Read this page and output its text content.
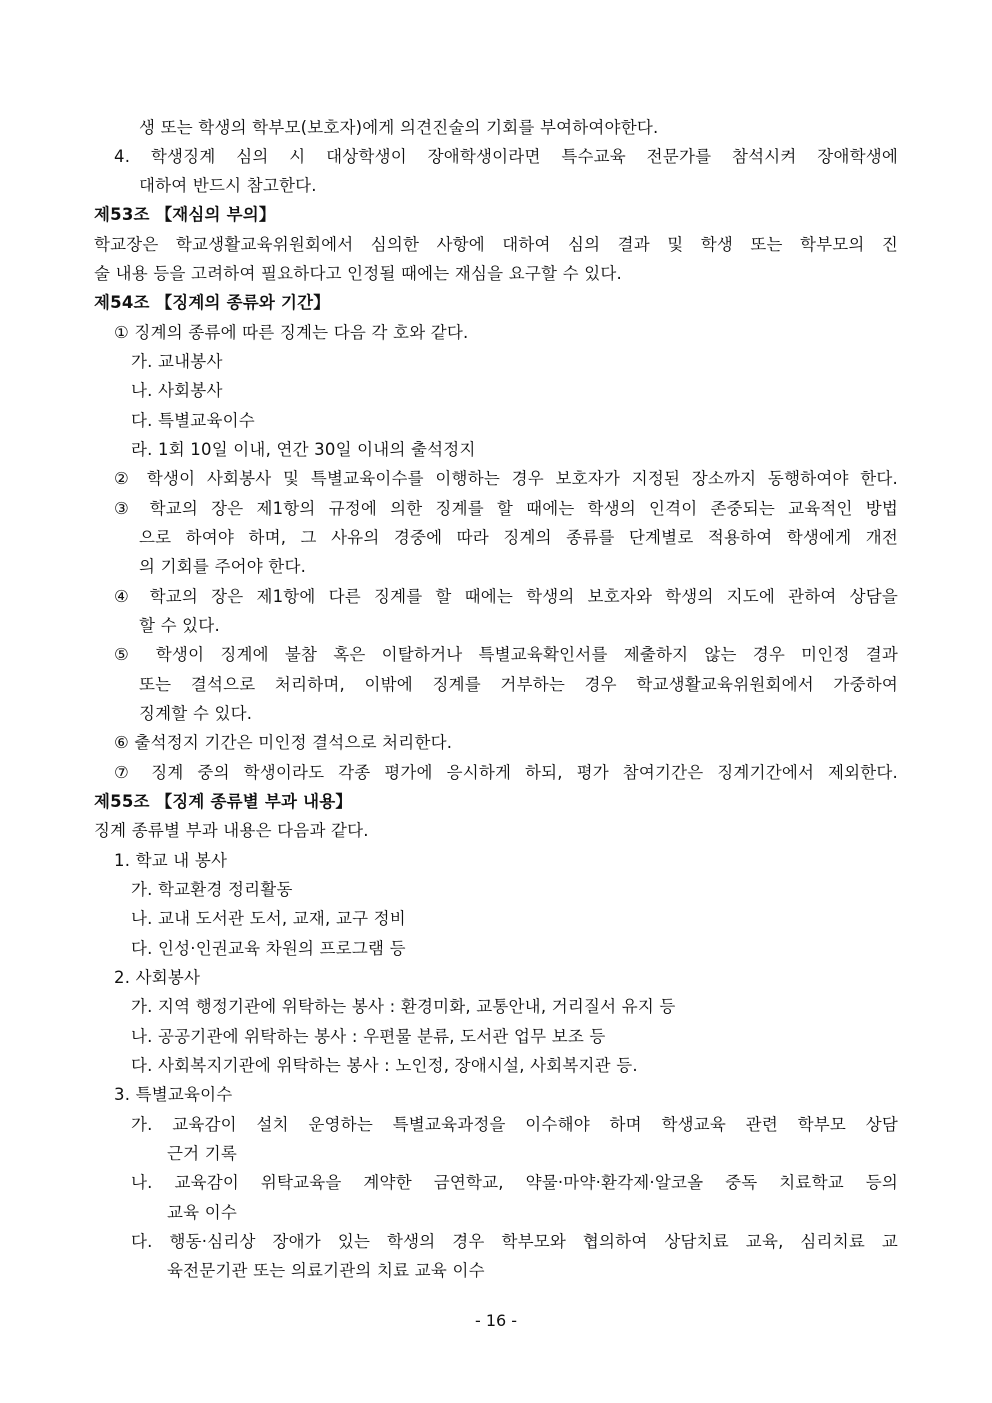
생 또는 학생의 학부모(보호자)에게 의견진술의 기회를 부여하여야한다.
4. 학생징계 심의 시 대상학생이 장애학생이라면 특수교육 전문가를 참석시켜 장애학생에
대하여 반드시 참고한다.
제53조 【재심의 부의】
학교장은 학교생활교육위원회에서 심의한 사항에 대하여 심의 결과 및 학생 또는 학부모의 진
술 내용 등을 고려하여 필요하다고 인정될 때에는 재심을 요구할 수 있다.
제54조 【징계의 종류와 기간】
① 징계의 종류에 따른 징계는 다음 각 호와 같다.
가. 교내봉사
나. 사회봉사
다. 특별교육이수
라. 1회 10일 이내, 연간 30일 이내의 출석정지
② 학생이 사회봉사 및 특별교육이수를 이행하는 경우 보호자가 지정된 장소까지 동행하여야 한다.
③ 학교의 장은 제1항의 규정에 의한 징계를 할 때에는 학생의 인격이 존중되는 교육적인 방법
으로 하여야 하며, 그 사유의 경중에 따라 징계의 종류를 단계별로 적용하여 학생에게 개전
의 기회를 주어야 한다.
④ 학교의 장은 제1항에 다른 징계를 할 때에는 학생의 보호자와 학생의 지도에 관하여 상담을
할 수 있다.
⑤ 학생이 징계에 불참 혹은 이탈하거나 특별교육확인서를 제출하지 않는 경우 미인정 결과
또는 결석으로 처리하며, 이밖에 징계를 거부하는 경우 학교생활교육위원회에서 가중하여
징계할 수 있다.
⑥ 출석정지 기간은 미인정 결석으로 처리한다.
⑦ 징계 중의 학생이라도 각종 평가에 응시하게 하되, 평가 참여기간은 징계기간에서 제외한다.
제55조 【징계 종류별 부과 내용】
징계 종류별 부과 내용은 다음과 같다.
1. 학교 내 봉사
가. 학교환경 정리활동
나. 교내 도서관 도서, 교재, 교구 정비
다. 인성·인권교육 차원의 프로그램 등
2. 사회봉사
가. 지역 행정기관에 위탁하는 봉사 : 환경미화, 교통안내, 거리질서 유지 등
나. 공공기관에 위탁하는 봉사 : 우편물 분류, 도서관 업무 보조 등
다. 사회복지기관에 위탁하는 봉사 : 노인정, 장애시설, 사회복지관 등.
3. 특별교육이수
가. 교육감이 설치 운영하는 특별교육과정을 이수해야 하며 학생교육 관련 학부모 상담
근거 기록
나. 교육감이 위탁교육을 계약한 금연학교, 약물·마약·환각제·알코올 중독 치료학교 등의
교육 이수
다. 행동·심리상 장애가 있는 학생의 경우 학부모와 협의하여 상담치료 교육, 심리치료 교
육전문기관 또는 의료기관의 치료 교육 이수
- 16 -
